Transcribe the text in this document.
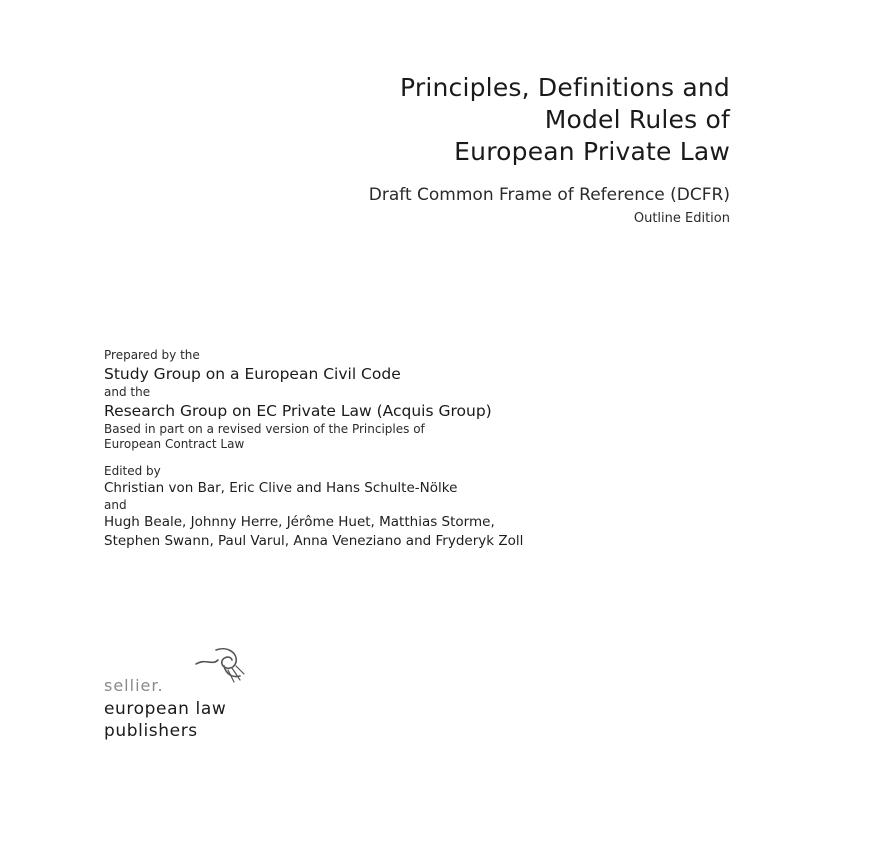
Principles, Definitions and
Model Rules of
European Private Law
Draft Common Frame of Reference (DCFR)
Outline Edition
Prepared by the
Study Group on a European Civil Code
and the
Research Group on EC Private Law (Acquis Group)
Based in part on a revised version of the Principles of
European Contract Law
Edited by
Christian von Bar, Eric Clive and Hans Schulte-Nölke
and
Hugh Beale, Johnny Herre, Jérôme Huet, Matthias Storme,
Stephen Swann, Paul Varul, Anna Veneziano and Fryderyk Zoll
sellier.
european law
publishers
